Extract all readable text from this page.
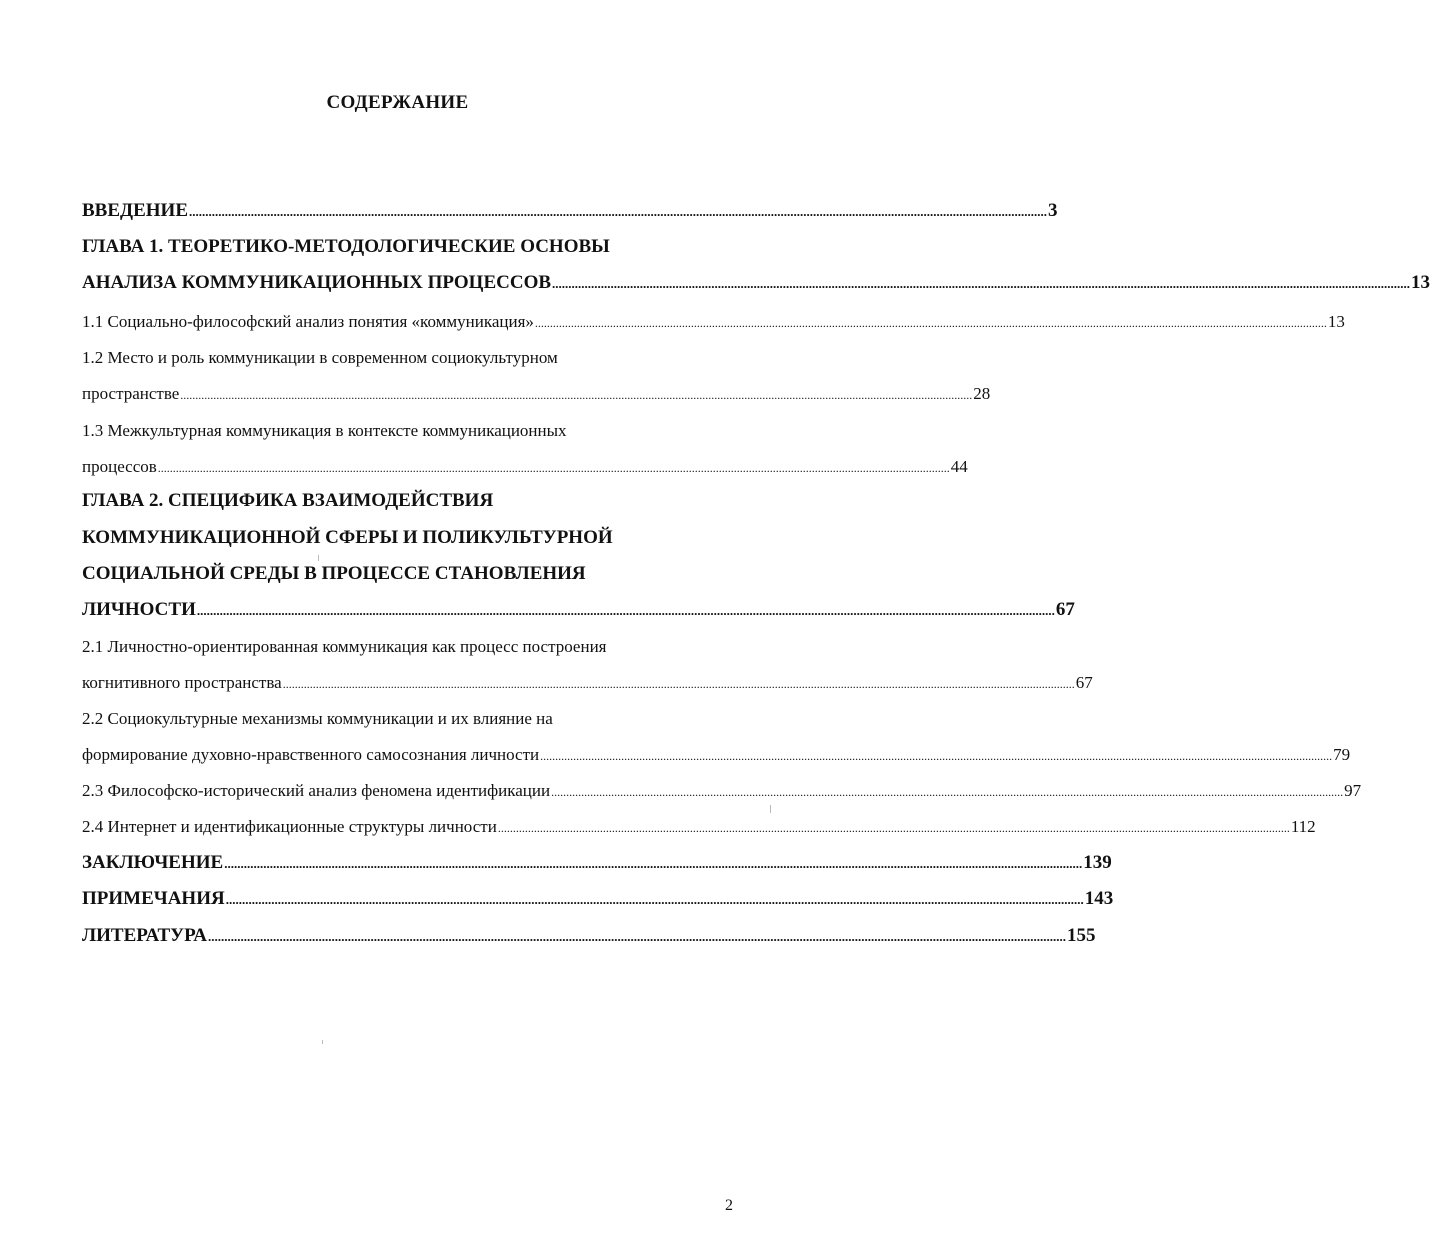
СОДЕРЖАНИЕ
ВВЕДЕНИЕ ........................................................................................................................................................................................................................................................................ 3
ГЛАВА 1. ТЕОРЕТИКО-МЕТОДОЛОГИЧЕСКИЕ ОСНОВЫ
АНАЛИЗА КОММУНИКАЦИОННЫХ ПРОЦЕССОВ ........................................................................................................................................................................................................................................................................ 13
1.1 Социально-философский анализ понятия «коммуникация» ........................................................................................................................................................................................................................................................................ 13
1.2 Место и роль коммуникации в современном социокультурном
пространстве ........................................................................................................................................................................................................................................................................ 28
1.3 Межкультурная коммуникация в контексте коммуникационных
процессов ........................................................................................................................................................................................................................................................................ 44
ГЛАВА 2. СПЕЦИФИКА ВЗАИМОДЕЙСТВИЯ
КОММУНИКАЦИОННОЙ СФЕРЫ И ПОЛИКУЛЬТУРНОЙ
СОЦИАЛЬНОЙ СРЕДЫ В ПРОЦЕССЕ СТАНОВЛЕНИЯ
ЛИЧНОСТИ ........................................................................................................................................................................................................................................................................ 67
2.1 Личностно-ориентированная коммуникация как процесс построения
когнитивного пространства ........................................................................................................................................................................................................................................................................ 67
2.2 Социокультурные механизмы коммуникации и их влияние на
формирование духовно-нравственного самосознания личности ........................................................................................................................................................................................................................................................................ 79
2.3 Философско-исторический анализ феномена идентификации ........................................................................................................................................................................................................................................................................ 97
2.4 Интернет и идентификационные структуры личности ........................................................................................................................................................................................................................................................................ 112
ЗАКЛЮЧЕНИЕ ........................................................................................................................................................................................................................................................................ 139
ПРИМЕЧАНИЯ ........................................................................................................................................................................................................................................................................ 143
ЛИТЕРАТУРА ........................................................................................................................................................................................................................................................................ 155
2
